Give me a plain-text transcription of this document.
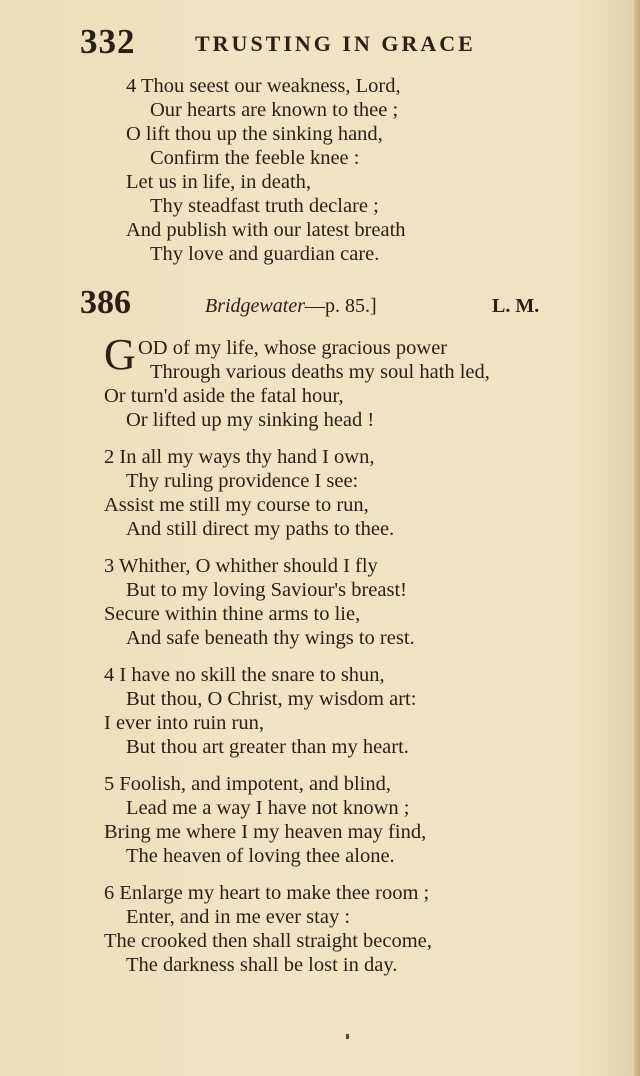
332	TRUSTING IN GRACE
4 Thou seest our weakness, Lord,
Our hearts are known to thee ;
O lift thou up the sinking hand,
Confirm the feeble knee :
Let us in life, in death,
Thy steadfast truth declare ;
And publish with our latest breath
Thy love and guardian care.
386	Bridgewater—p. 85.]	L. M.
G OD of my life, whose gracious power
Through various deaths my soul hath led,
Or turn'd aside the fatal hour,
Or lifted up my sinking head !
2 In all my ways thy hand I own,
Thy ruling providence I see:
Assist me still my course to run,
And still direct my paths to thee.
3 Whither, O whither should I fly
But to my loving Saviour's breast!
Secure within thine arms to lie,
And safe beneath thy wings to rest.
4 I have no skill the snare to shun,
But thou, O Christ, my wisdom art:
I ever into ruin run,
But thou art greater than my heart.
5 Foolish, and impotent, and blind,
Lead me a way I have not known ;
Bring me where I my heaven may find,
The heaven of loving thee alone.
6 Enlarge my heart to make thee room ;
Enter, and in me ever stay :
The crooked then shall straight become,
The darkness shall be lost in day.
